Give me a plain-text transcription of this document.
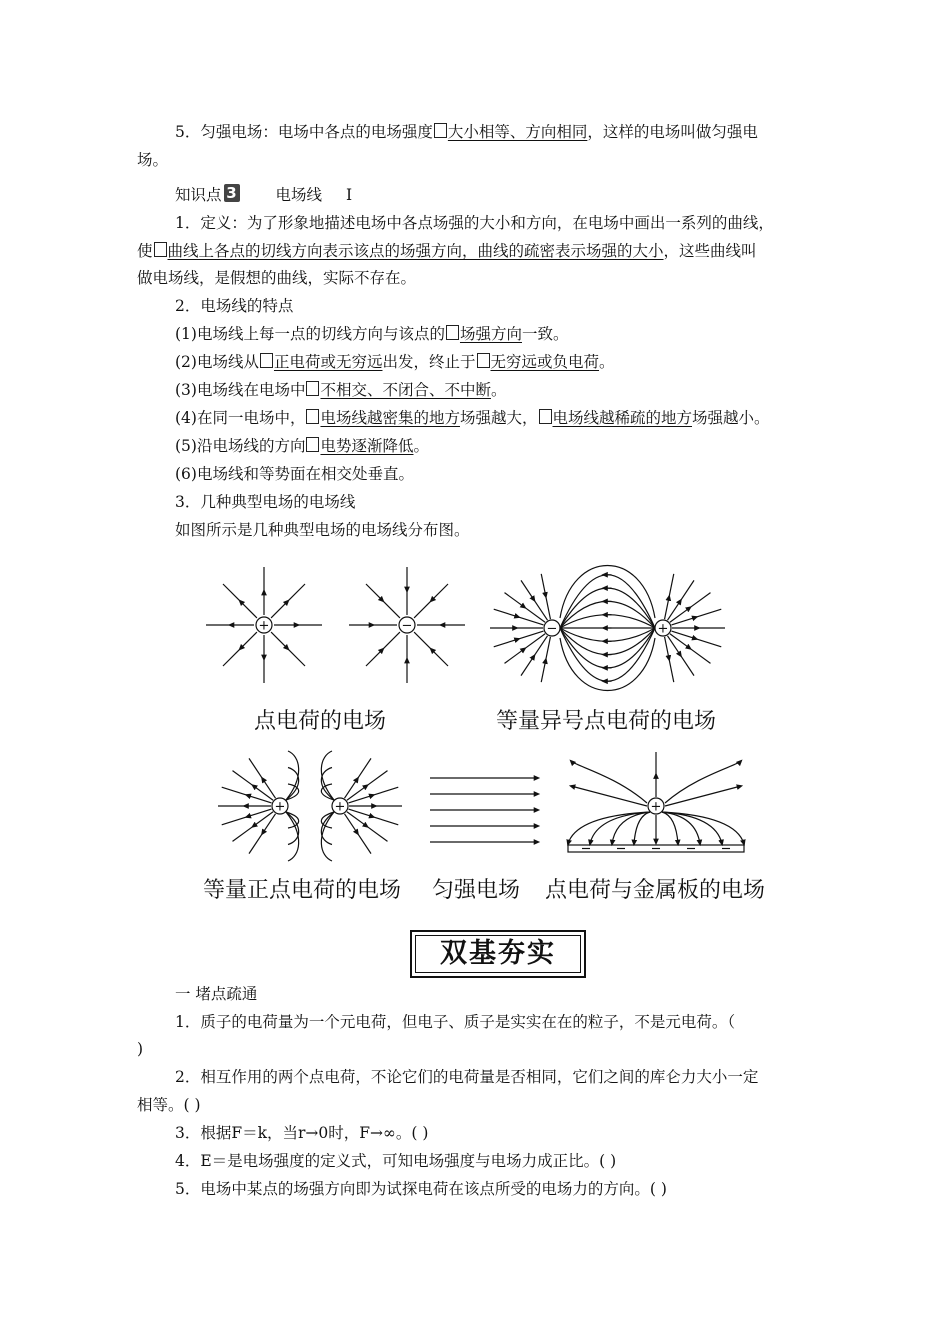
5．匀强电场：电场中各点的电场强度 大小相等、方向相同，这样的电场叫做匀强电
场。
知识点 3	电场线 Ⅰ
1．定义：为了形象地描述电场中各点场强的大小和方向，在电场中画出一系列的曲线，
使 曲线上各点的切线方向表示该点的场强方向，曲线的疏密表示场强的大小，这些曲线叫
做电场线，是假想的曲线，实际不存在。
2．电场线的特点
(1)电场线上每一点的切线方向与该点的 场强方向一致。
(2)电场线从 正电荷或无穷远出发，终止于 无穷远或负电荷。
(3)电场线在电场中 不相交、不闭合、不中断。
(4)在同一电场中， 电场线越密集的地方场强越大， 电场线越稀疏的地方场强越小。
(5)沿电场线的方向 电势逐渐降低。
(6)电场线和等势面在相交处垂直。
3．几种典型电场的电场线
如图所示是几种典型电场的电场线分布图。
+	−	−	+
+	+	+
点电荷的电场	等量异号点电荷的电场
等量正点电荷的电场 匀强电场 点电荷与金属板的电场
双基夯实
一 堵点疏通
1．质子的电荷量为一个元电荷，但电子、质子是实实在在的粒子，不是元电荷。（
)
2．相互作用的两个点电荷，不论它们的电荷量是否相同，它们之间的库仑力大小一定
相等。( )
3．根据F＝k，当r→0时，F→∞。( )
4．E＝是电场强度的定义式，可知电场强度与电场力成正比。( )
5．电场中某点的场强方向即为试探电荷在该点所受的电场力的方向。( )
